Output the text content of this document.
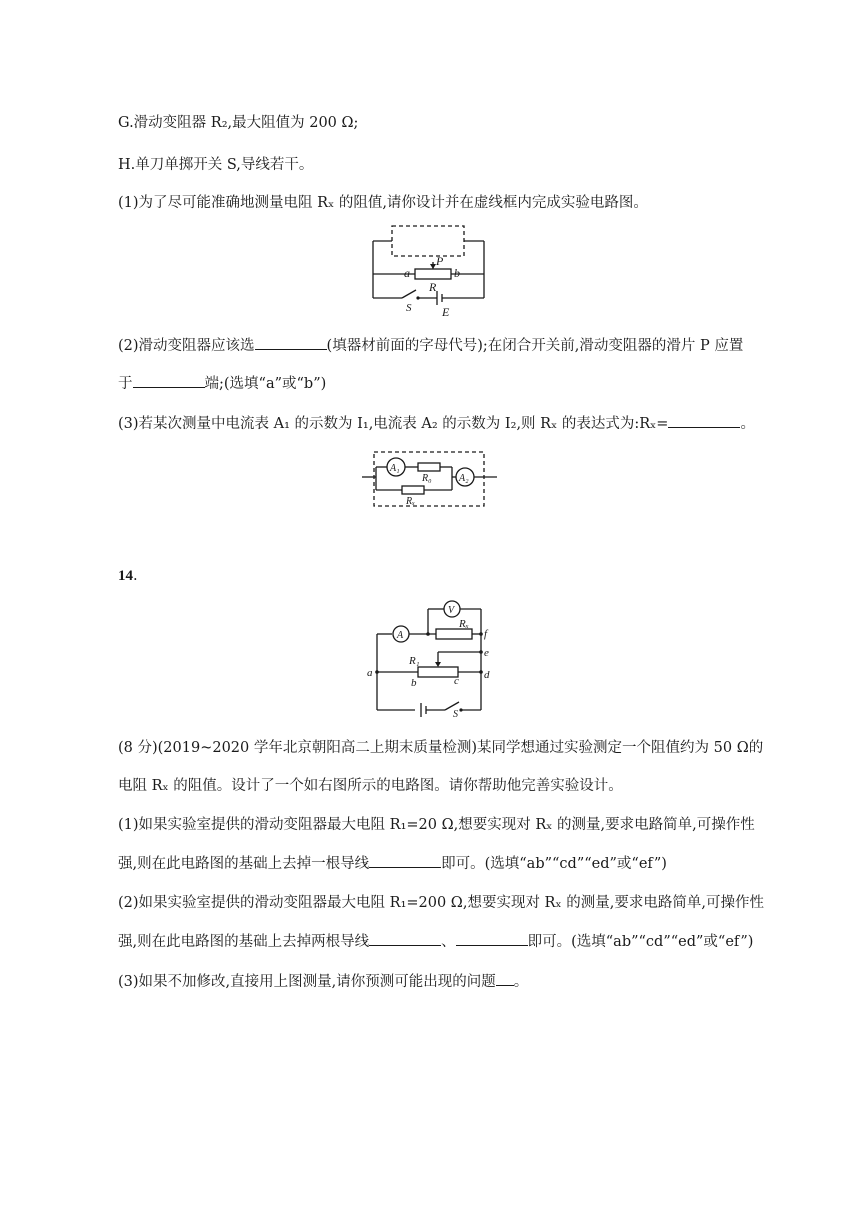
G.滑动变阻器 R₂,最大阻值为 200 Ω;
H.单刀单掷开关 S,导线若干。
(1)为了尽可能准确地测量电阻 Rₓ 的阻值,请你设计并在虚线框内完成实验电路图。
P
a	b
R
S	E
(2)滑动变阻器应该选	(填器材前面的字母代号);在闭合开关前,滑动变阻器的滑片 P 应置
于	端;(选填“a”或“b”)
(3)若某次测量中电流表 A₁ 的示数为 I₁,电流表 A₂ 的示数为 I₂,则 Rₓ 的表达式为:Rₓ=	。
A₁
R₀
Rₓ
A₂
14.
V
A
Rₓ
f
e
R₁
a	d
b	c
S
(8 分)(2019~2020 学年北京朝阳高二上期末质量检测)某同学想通过实验测定一个阻值约为 50 Ω的
电阻 Rₓ 的阻值。设计了一个如右图所示的电路图。请你帮助他完善实验设计。
(1)如果实验室提供的滑动变阻器最大电阻 R₁=20 Ω,想要实现对 Rₓ 的测量,要求电路简单,可操作性
强,则在此电路图的基础上去掉一根导线	即可。(选填“ab”“cd”“ed”或“ef”)
(2)如果实验室提供的滑动变阻器最大电阻 R₁=200 Ω,想要实现对 Rₓ 的测量,要求电路简单,可操作性
强,则在此电路图的基础上去掉两根导线	、	即可。(选填“ab”“cd”“ed”或“ef”)
(3)如果不加修改,直接用上图测量,请你预测可能出现的问题 。
